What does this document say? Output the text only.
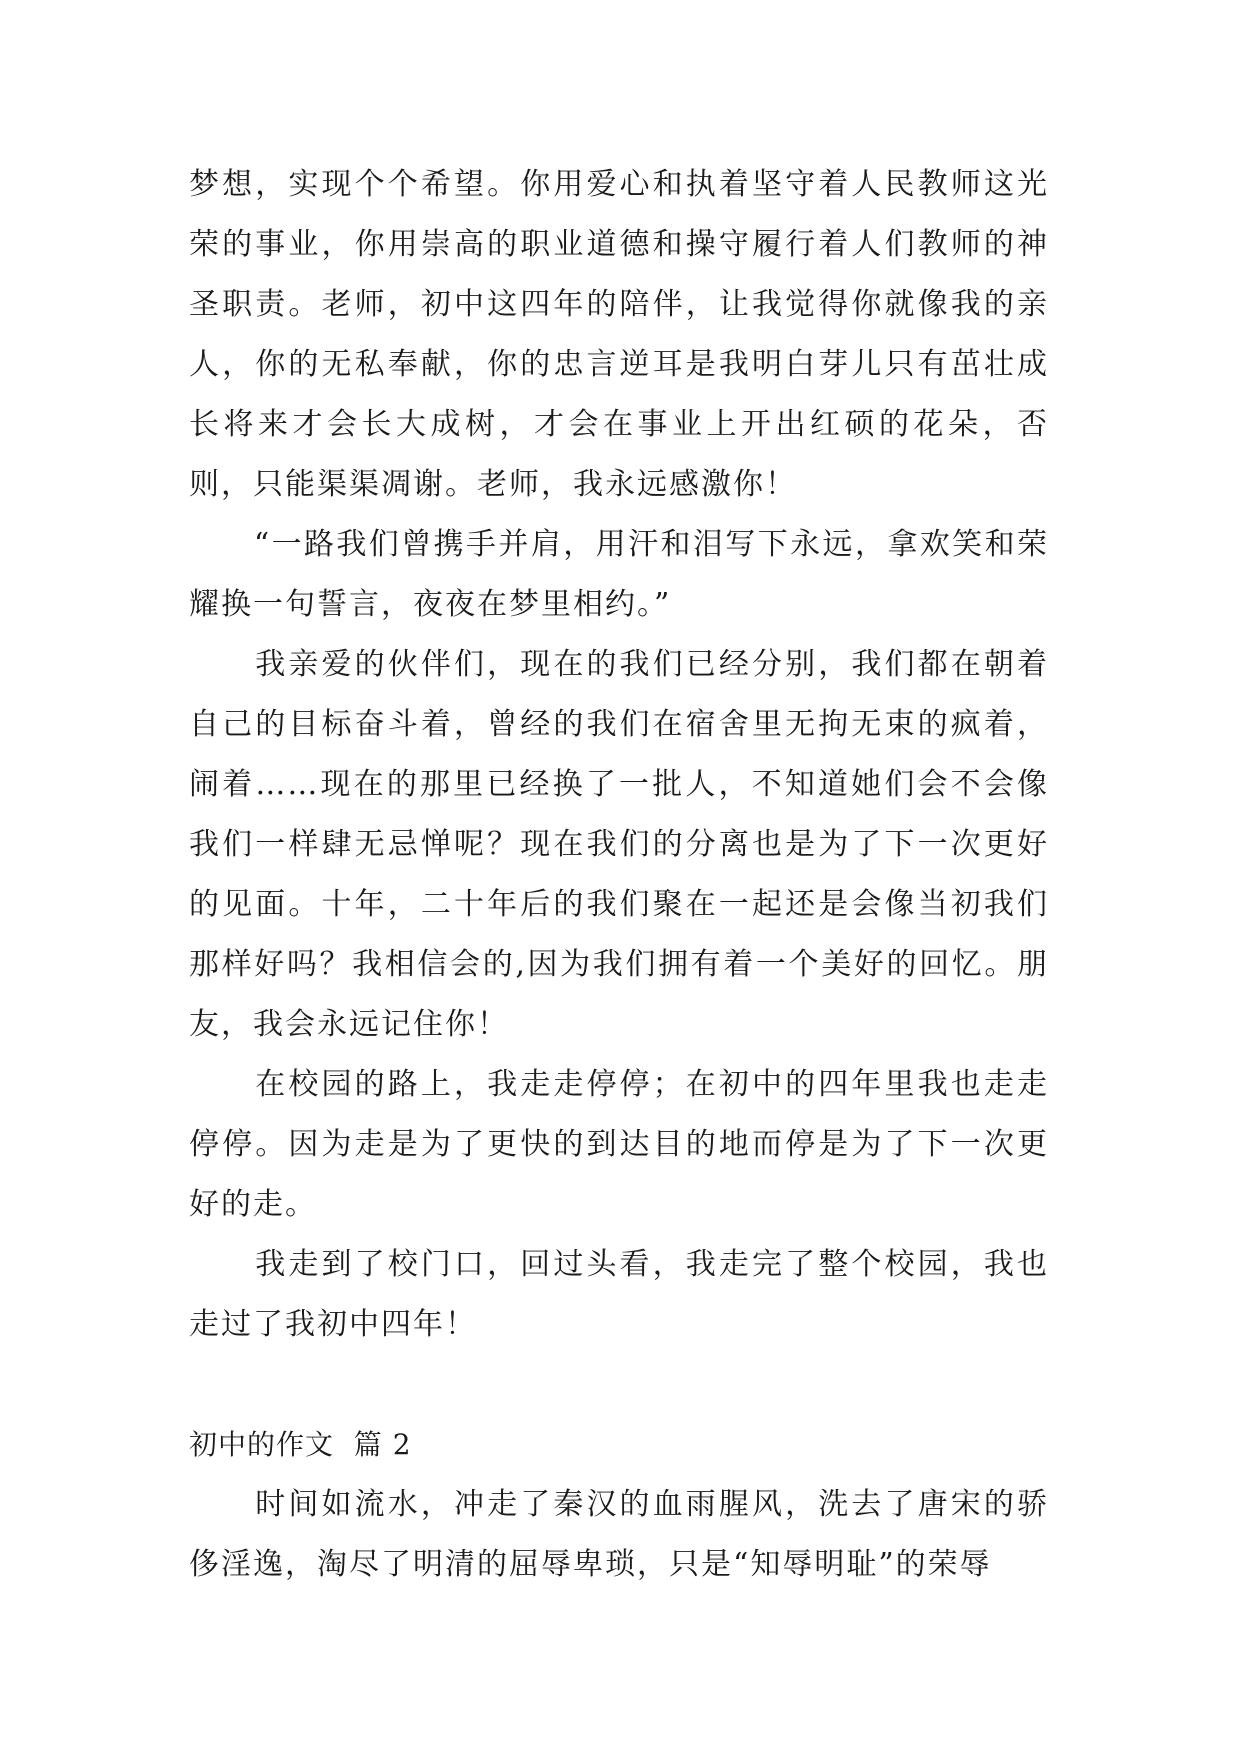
梦想，实现个个希望。你用爱心和执着坚守着人民教师这光荣的事业，你用崇高的职业道德和操守履行着人们教师的神圣职责。老师，初中这四年的陪伴，让我觉得你就像我的亲人，你的无私奉献，你的忠言逆耳是我明白芽儿只有茁壮成长将来才会长大成树，才会在事业上开出红硕的花朵，否则，只能渠渠凋谢。老师，我永远感激你！

　　“一路我们曾携手并肩，用汗和泪写下永远，拿欢笑和荣耀换一句誓言，夜夜在梦里相约。”

　　我亲爱的伙伴们，现在的我们已经分别，我们都在朝着自己的目标奋斗着，曾经的我们在宿舍里无拘无束的疯着，闹着……现在的那里已经换了一批人，不知道她们会不会像我们一样肆无忌惮呢？现在我们的分离也是为了下一次更好的见面。十年，二十年后的我们聚在一起还是会像当初我们那样好吗？我相信会的,因为我们拥有着一个美好的回忆。朋友，我会永远记住你！

　　在校园的路上，我走走停停；在初中的四年里我也走走停停。因为走是为了更快的到达目的地而停是为了下一次更好的走。

　　我走到了校门口，回过头看，我走完了整个校园，我也走过了我初中四年！

初中的作文  篇 2

　　时间如流水，冲走了秦汉的血雨腥风，洗去了唐宋的骄侈淫逸，淘尽了明清的屈辱卑琐，只是“知辱明耻”的荣辱
